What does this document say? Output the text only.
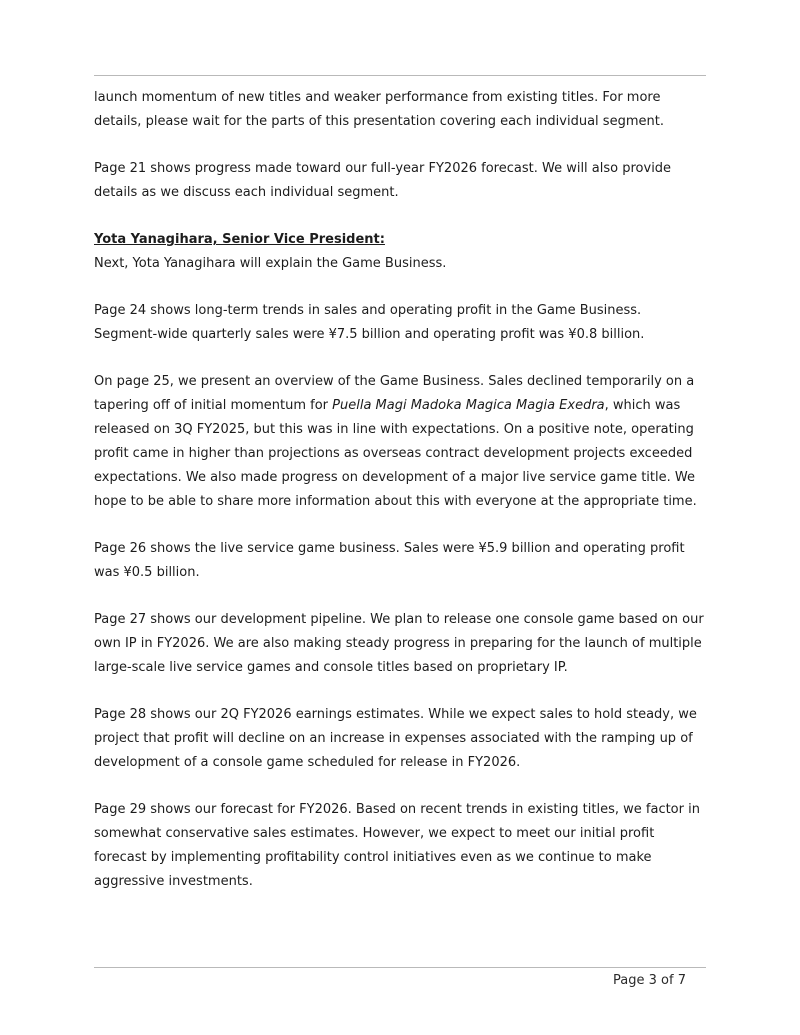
launch momentum of new titles and weaker performance from existing titles. For more details, please wait for the parts of this presentation covering each individual segment.

Page 21 shows progress made toward our full-year FY2026 forecast. We will also provide details as we discuss each individual segment.

Yota Yanagihara, Senior Vice President:

Next, Yota Yanagihara will explain the Game Business.

Page 24 shows long-term trends in sales and operating profit in the Game Business. Segment-wide quarterly sales were ¥7.5 billion and operating profit was ¥0.8 billion.

On page 25, we present an overview of the Game Business. Sales declined temporarily on a tapering off of initial momentum for Puella Magi Madoka Magica Magia Exedra, which was released on 3Q FY2025, but this was in line with expectations. On a positive note, operating profit came in higher than projections as overseas contract development projects exceeded expectations. We also made progress on development of a major live service game title. We hope to be able to share more information about this with everyone at the appropriate time.

Page 26 shows the live service game business. Sales were ¥5.9 billion and operating profit was ¥0.5 billion.

Page 27 shows our development pipeline. We plan to release one console game based on our own IP in FY2026. We are also making steady progress in preparing for the launch of multiple large-scale live service games and console titles based on proprietary IP.

Page 28 shows our 2Q FY2026 earnings estimates. While we expect sales to hold steady, we project that profit will decline on an increase in expenses associated with the ramping up of development of a console game scheduled for release in FY2026.

Page 29 shows our forecast for FY2026. Based on recent trends in existing titles, we factor in somewhat conservative sales estimates. However, we expect to meet our initial profit forecast by implementing profitability control initiatives even as we continue to make aggressive investments.

Page 3 of 7
